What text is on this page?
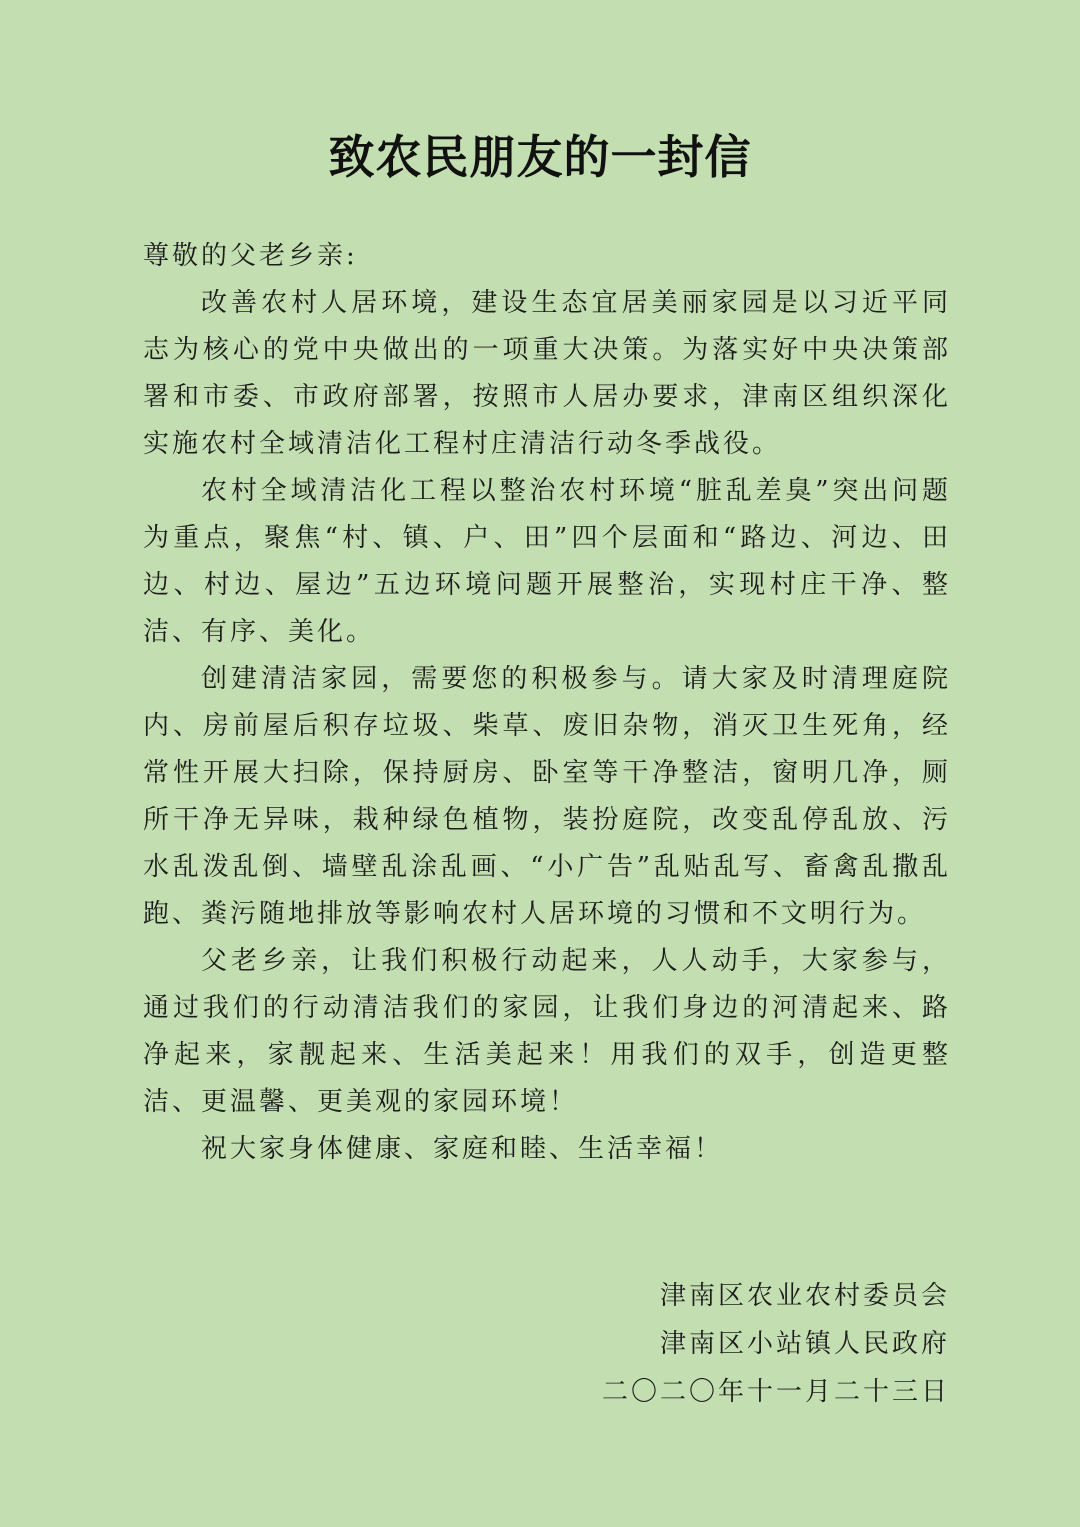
致农民朋友的一封信

尊敬的父老乡亲:

改善农村人居环境，建设生态宜居美丽家园是以习近平同志为核心的党中央做出的一项重大决策。为落实好中央决策部署和市委、市政府部署，按照市人居办要求，津南区组织深化实施农村全域清洁化工程村庄清洁行动冬季战役。

农村全域清洁化工程以整治农村环境“脏乱差臭”突出问题为重点，聚焦“村、镇、户、田”四个层面和“路边、河边、田边、村边、屋边”五边环境问题开展整治，实现村庄干净、整洁、有序、美化。

创建清洁家园，需要您的积极参与。请大家及时清理庭院内、房前屋后积存垃圾、柴草、废旧杂物，消灭卫生死角，经常性开展大扫除，保持厨房、卧室等干净整洁，窗明几净，厕所干净无异味，栽种绿色植物，装扮庭院，改变乱停乱放、污水乱泼乱倒、墙壁乱涂乱画、“小广告”乱贴乱写、畜禽乱撒乱跑、粪污随地排放等影响农村人居环境的习惯和不文明行为。

父老乡亲，让我们积极行动起来，人人动手，大家参与，通过我们的行动清洁我们的家园，让我们身边的河清起来、路净起来，家靓起来、生活美起来！用我们的双手，创造更整洁、更温馨、更美观的家园环境！

祝大家身体健康、家庭和睦、生活幸福！

津南区农业农村委员会

津南区小站镇人民政府

二〇二〇年十一月二十三日
